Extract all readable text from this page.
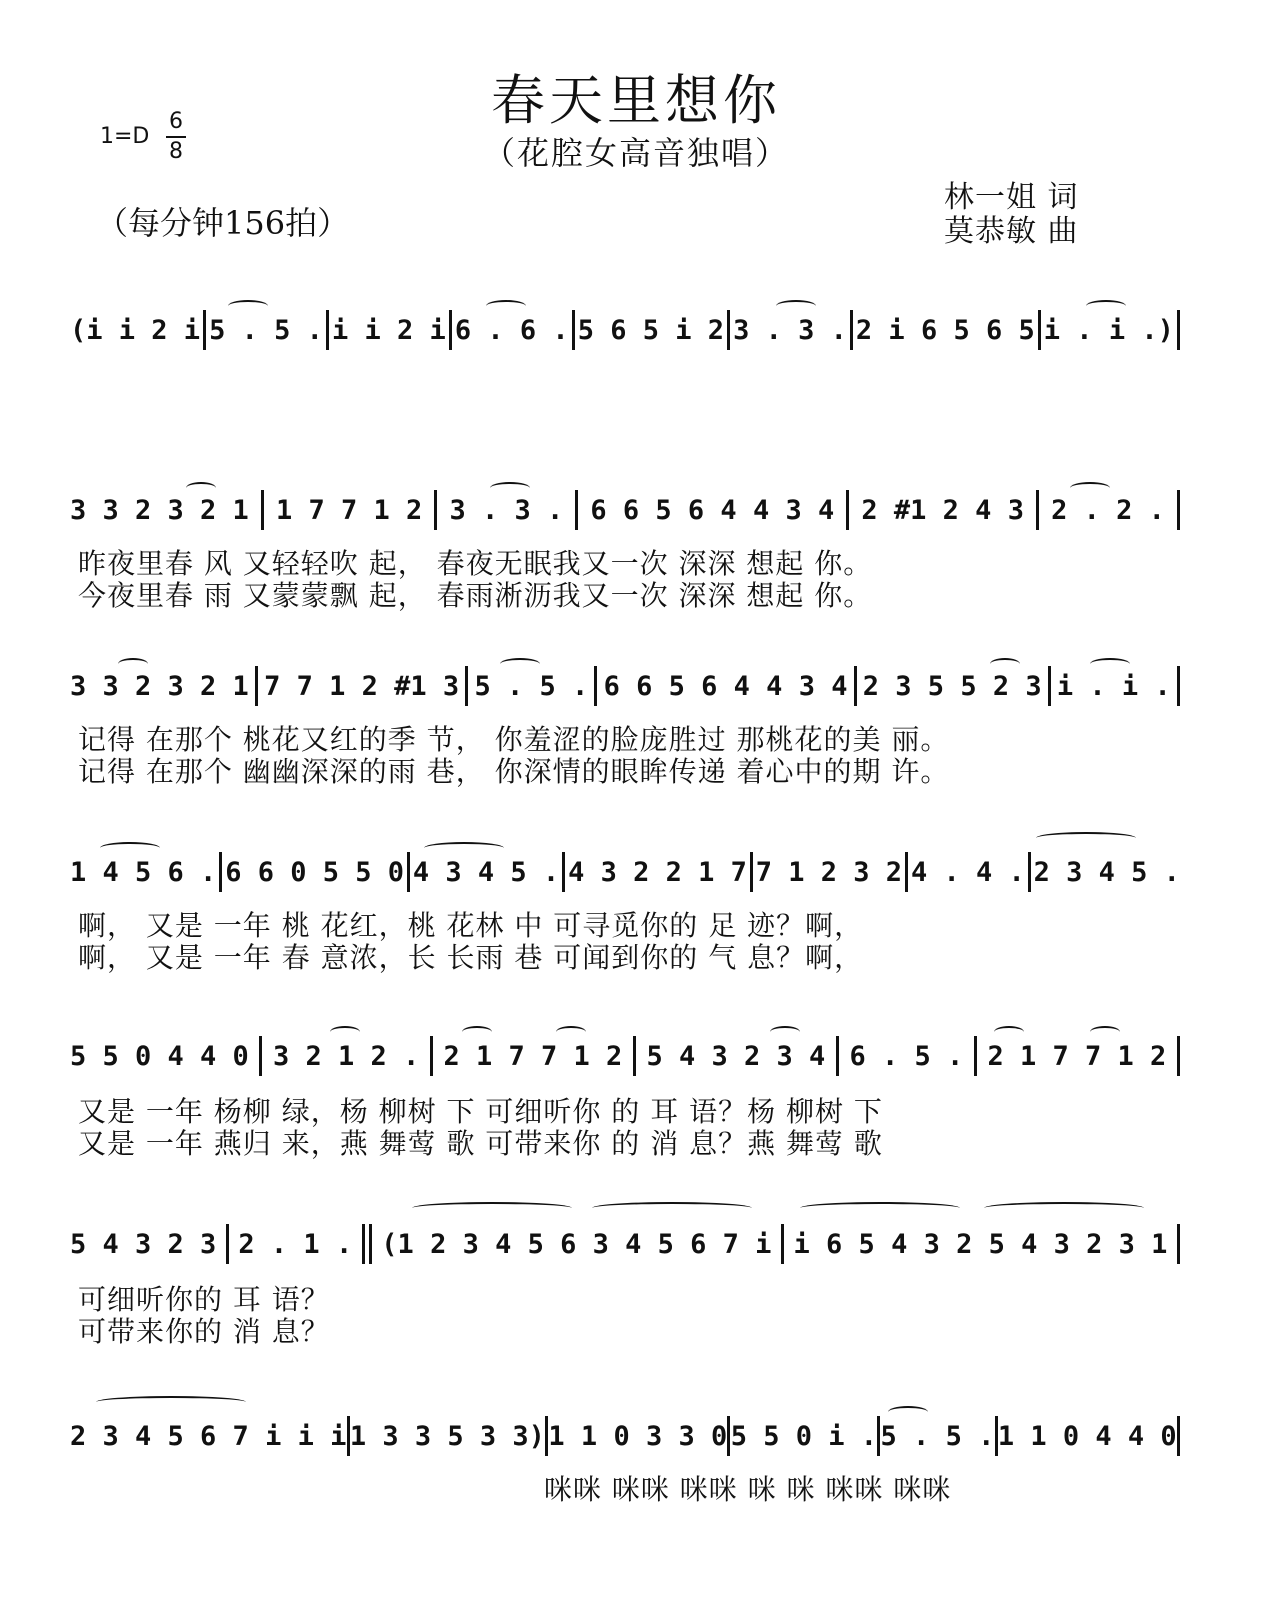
春天里想你
（花腔女高音独唱）
1=D
6
8
（每分钟156拍）
林一姐 词
莫恭敏 曲
(i i 2 i 5 . 5 . i i 2 i 6 . 6 . 5 6 5 i 2 3 . 3 . 2 i 6 5 6 5 i . i .)
3 3 2 3 2 1 1 7 7 1 2 3 . 3 . 6 6 5 6 4 4 3 4 2 #1 2 4 3 2 . 2 .
昨夜里春 风 又轻轻吹 起， 春夜无眠我又一次 深深 想起 你。
今夜里春 雨 又蒙蒙飘 起， 春雨淅沥我又一次 深深 想起 你。
3 3 2 3 2 1 7 7 1 2 #1 3 5 . 5 . 6 6 5 6 4 4 3 4 2 3 5 5 2 3 i . i .
记得 在那个 桃花又红的季 节， 你羞涩的脸庞胜过 那桃花的美 丽。
记得 在那个 幽幽深深的雨 巷， 你深情的眼眸传递 着心中的期 许。
1 4 5 6 . 6 6 0 5 5 0 4 3 4 5 . 4 3 2 2 1 7 7 1 2 3 2 4 . 4 . 2 3 4 5 .
啊， 又是 一年 桃 花红，桃 花林 中 可寻觅你的 足 迹？啊，
啊， 又是 一年 春 意浓，长 长雨 巷 可闻到你的 气 息？啊，
5 5 0 4 4 0 3 2 1 2 . 2 1 7 7 1 2 5 4 3 2 3 4 6 . 5 . 2 1 7 7 1 2
又是 一年 杨柳 绿，杨 柳树 下 可细听你 的 耳 语？杨 柳树 下
又是 一年 燕归 来，燕 舞莺 歌 可带来你 的 消 息？燕 舞莺 歌
5 4 3 2 3 2 . 1 . (1 2 3 4 5 6 3 4 5 6 7 i i 6 5 4 3 2 5 4 3 2 3 1
可细听你的 耳 语？
可带来你的 消 息？
2 3 4 5 6 7 i i i 1 3 3 5 3 3) 1 1 0 3 3 0 5 5 0 i . 5 . 5 . 1 1 0 4 4 0
咪咪 咪咪 咪咪 咪 咪 咪咪 咪咪
